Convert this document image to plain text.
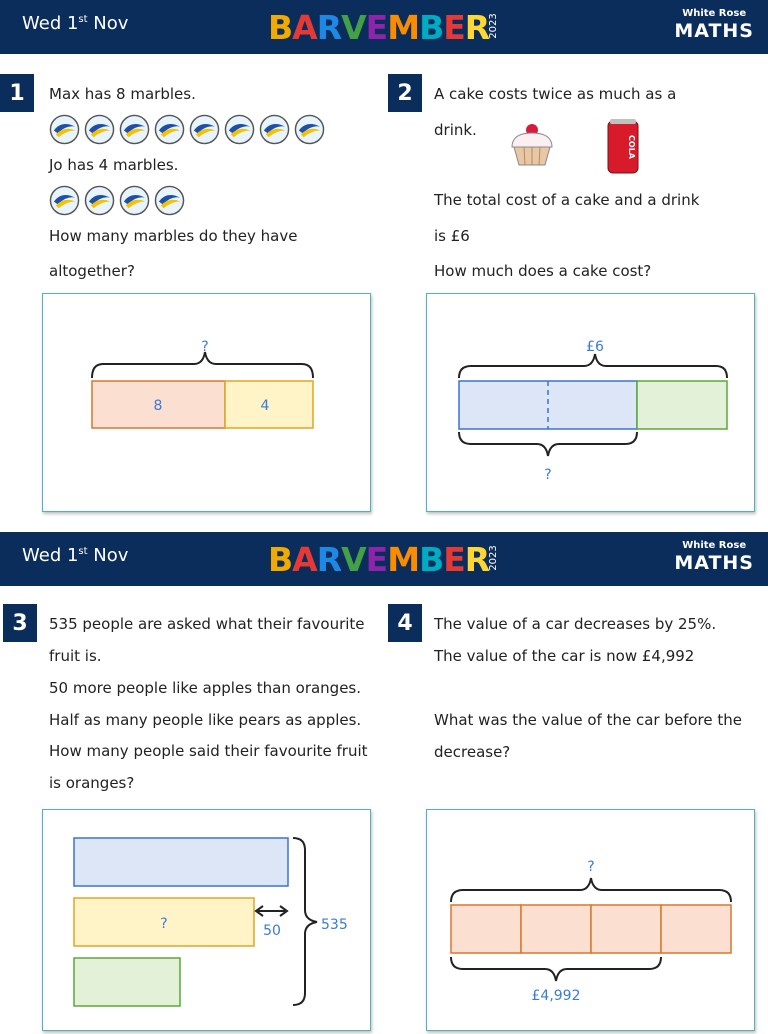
Wed 1st Nov	B A R V E M B E R
2023	White Rose
MATHS
1	Max has 8 marbles.
Jo has 4 marbles.
How many marbles do they have
altogether?
?
8	4
2	A cake costs twice as much as a
drink.
COLA
The total cost of a cake and a drink
is £6
How much does a cake cost?
£6
?
Wed 1st Nov	B A R V E M B E R
2023	White Rose
MATHS
3	535 people are asked what their favourite
fruit is.
50 more people like apples than oranges.
Half as many people like pears as apples.
How many people said their favourite fruit
is oranges?
?	50	535
4	The value of a car decreases by 25%.
The value of the car is now £4,992
What was the value of the car before the
decrease?
?
£4,992
